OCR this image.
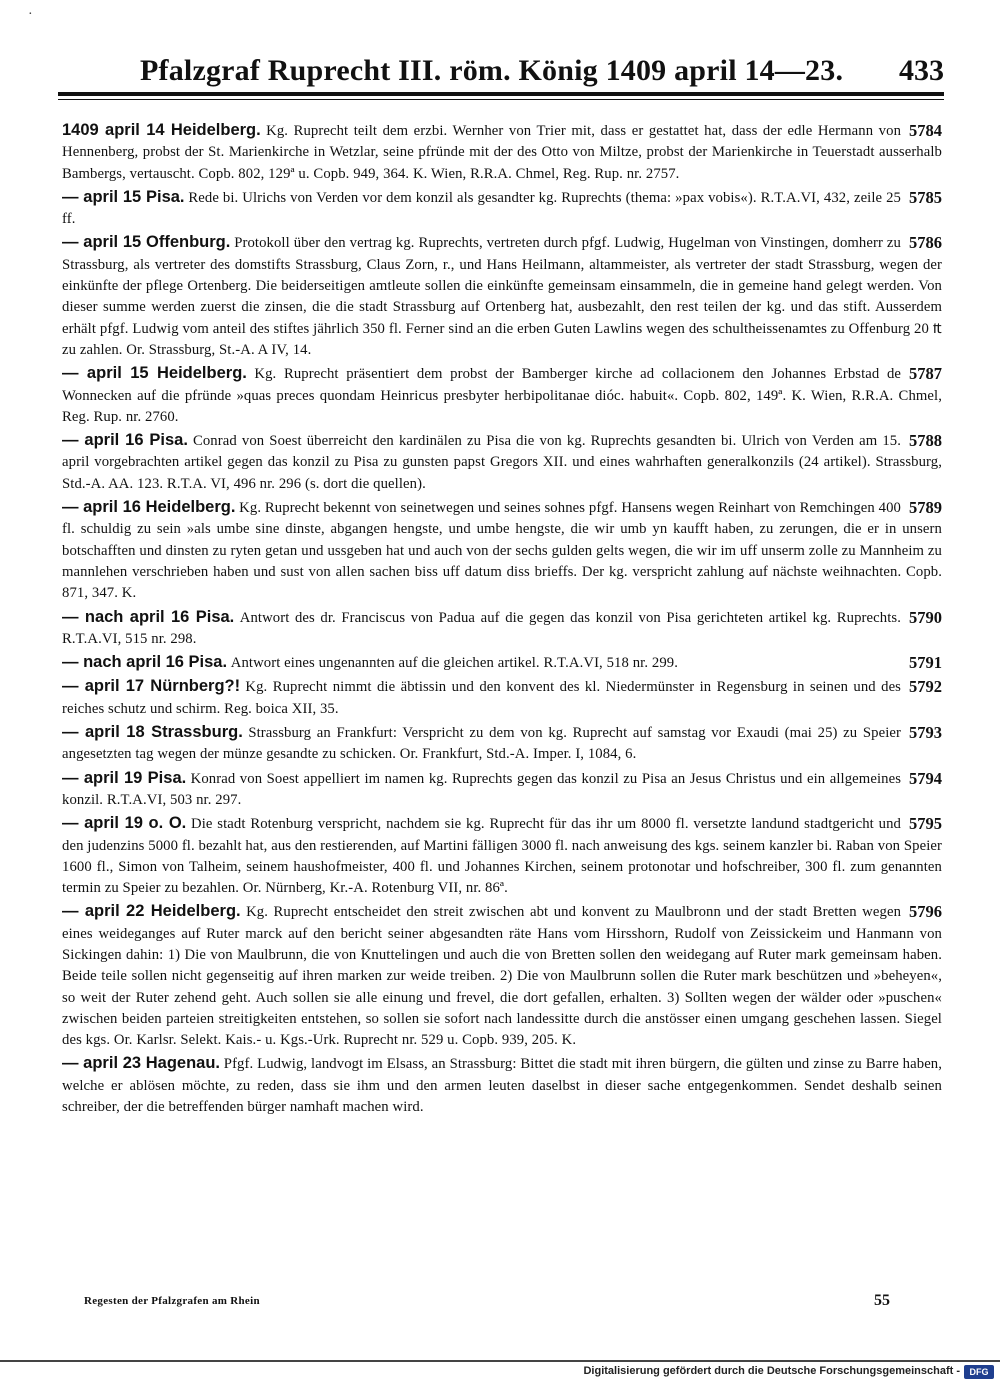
·
Pfalzgraf Ruprecht III. röm. König 1409 april 14—23. 433
5784
1409 april 14 Heidelberg. Kg. Ruprecht teilt dem erzbi. Wernher von Trier mit, dass er gestattet hat, dass der edle Hermann von Hennenberg, probst der St. Marienkirche in Wetzlar, seine pfründe mit der des Otto von Miltze, probst der Marienkirche in Teuerstadt ausserhalb Bambergs, vertauscht. Copb. 802, 129ª u. Copb. 949, 364. K. Wien, R.R.A. Chmel, Reg. Rup. nr. 2757.
5785
— april 15 Pisa. Rede bi. Ulrichs von Verden vor dem konzil als gesandter kg. Ruprechts (thema: »pax vobis«). R.T.A.VI, 432, zeile 25 ff.
5786
— april 15 Offenburg. Protokoll über den vertrag kg. Ruprechts, vertreten durch pfgf. Ludwig, Hugelman von Vinstingen, domherr zu Strassburg, als vertreter des domstifts Strassburg, Claus Zorn, r., und Hans Heilmann, altammeister, als vertreter der stadt Strassburg, wegen der einkünfte der pflege Ortenberg. Die beiderseitigen amtleute sollen die einkünfte gemeinsam einsammeln, die in gemeine hand gelegt werden. Von dieser summe werden zuerst die zinsen, die die stadt Strassburg auf Ortenberg hat, ausbezahlt, den rest teilen der kg. und das stift. Ausserdem erhält pfgf. Ludwig vom anteil des stiftes jährlich 350 fl. Ferner sind an die erben Guten Lawlins wegen des schultheissenamtes zu Offenburg 20 ₶ zu zahlen. Or. Strassburg, St.-A. A IV, 14.
5787
— april 15 Heidelberg. Kg. Ruprecht präsentiert dem probst der Bamberger kirche ad collacionem den Johannes Erbstad de Wonnecken auf die pfründe »quas preces quondam Heinricus presbyter herbipolitanae dióc. habuit«. Copb. 802, 149ª. K. Wien, R.R.A. Chmel, Reg. Rup. nr. 2760.
5788
— april 16 Pisa. Conrad von Soest überreicht den kardinälen zu Pisa die von kg. Ruprechts gesandten bi. Ulrich von Verden am 15. april vorgebrachten artikel gegen das konzil zu Pisa zu gunsten papst Gregors XII. und eines wahrhaften generalkonzils (24 artikel). Strassburg, Std.-A. AA. 123. R.T.A. VI, 496 nr. 296 (s. dort die quellen).
5789
— april 16 Heidelberg. Kg. Ruprecht bekennt von seinetwegen und seines sohnes pfgf. Hansens wegen Reinhart von Remchingen 400 fl. schuldig zu sein »als umbe sine dinste, abgangen hengste, und umbe hengste, die wir umb yn kaufft haben, zu zerungen, die er in unsern botschafften und dinsten zu ryten getan und ussgeben hat und auch von der sechs gulden gelts wegen, die wir im uff unserm zolle zu Mannheim zu mannlehen verschrieben haben und sust von allen sachen biss uff datum diss brieffs. Der kg. verspricht zahlung auf nächste weihnachten. Copb. 871, 347. K.
5790
— nach april 16 Pisa. Antwort des dr. Franciscus von Padua auf die gegen das konzil von Pisa gerichteten artikel kg. Ruprechts. R.T.A.VI, 515 nr. 298.
5791
— nach april 16 Pisa. Antwort eines ungenannten auf die gleichen artikel. R.T.A.VI, 518 nr. 299.
5792
— april 17 Nürnberg?! Kg. Ruprecht nimmt die äbtissin und den konvent des kl. Niedermünster in Regensburg in seinen und des reiches schutz und schirm. Reg. boica XII, 35.
5793
— april 18 Strassburg. Strassburg an Frankfurt: Verspricht zu dem von kg. Ruprecht auf samstag vor Exaudi (mai 25) zu Speier angesetzten tag wegen der münze gesandte zu schicken. Or. Frankfurt, Std.-A. Imper. I, 1084, 6.
5794
— april 19 Pisa. Konrad von Soest appelliert im namen kg. Ruprechts gegen das konzil zu Pisa an Jesus Christus und ein allgemeines konzil. R.T.A.VI, 503 nr. 297.
5795
— april 19 o. O. Die stadt Rotenburg verspricht, nachdem sie kg. Ruprecht für das ihr um 8000 fl. versetzte landund stadtgericht und den judenzins 5000 fl. bezahlt hat, aus den restierenden, auf Martini fälligen 3000 fl. nach anweisung des kgs. seinem kanzler bi. Raban von Speier 1600 fl., Simon von Talheim, seinem haushofmeister, 400 fl. und Johannes Kirchen, seinem protonotar und hofschreiber, 300 fl. zum genannten termin zu Speier zu bezahlen. Or. Nürnberg, Kr.-A. Rotenburg VII, nr. 86ª.
5796
— april 22 Heidelberg. Kg. Ruprecht entscheidet den streit zwischen abt und konvent zu Maulbronn und der stadt Bretten wegen eines weideganges auf Ruter marck auf den bericht seiner abgesandten räte Hans vom Hirsshorn, Rudolf von Zeissickeim und Hanmann von Sickingen dahin: 1) Die von Maulbrunn, die von Knuttelingen und auch die von Bretten sollen den weidegang auf Ruter mark gemeinsam haben. Beide teile sollen nicht gegenseitig auf ihren marken zur weide treiben. 2) Die von Maulbrunn sollen die Ruter mark beschützen und »beheyen«, so weit der Ruter zehend geht. Auch sollen sie alle einung und frevel, die dort gefallen, erhalten. 3) Sollten wegen der wälder oder »puschen« zwischen beiden parteien streitigkeiten entstehen, so sollen sie sofort nach landessitte durch die anstösser einen umgang geschehen lassen. Siegel des kgs. Or. Karlsr. Selekt. Kais.- u. Kgs.-Urk. Ruprecht nr. 529 u. Copb. 939, 205. K.
— april 23 Hagenau. Pfgf. Ludwig, landvogt im Elsass, an Strassburg: Bittet die stadt mit ihren bürgern, die gülten und zinse zu Barre haben, welche er ablösen möchte, zu reden, dass sie ihm und den armen leuten daselbst in dieser sache entgegenkommen. Sendet deshalb seinen schreiber, der die betreffenden bürger namhaft machen wird.
Regesten der Pfalzgrafen am Rhein	55
Digitalisierung gefördert durch die Deutsche Forschungsgemeinschaft -	DFG
